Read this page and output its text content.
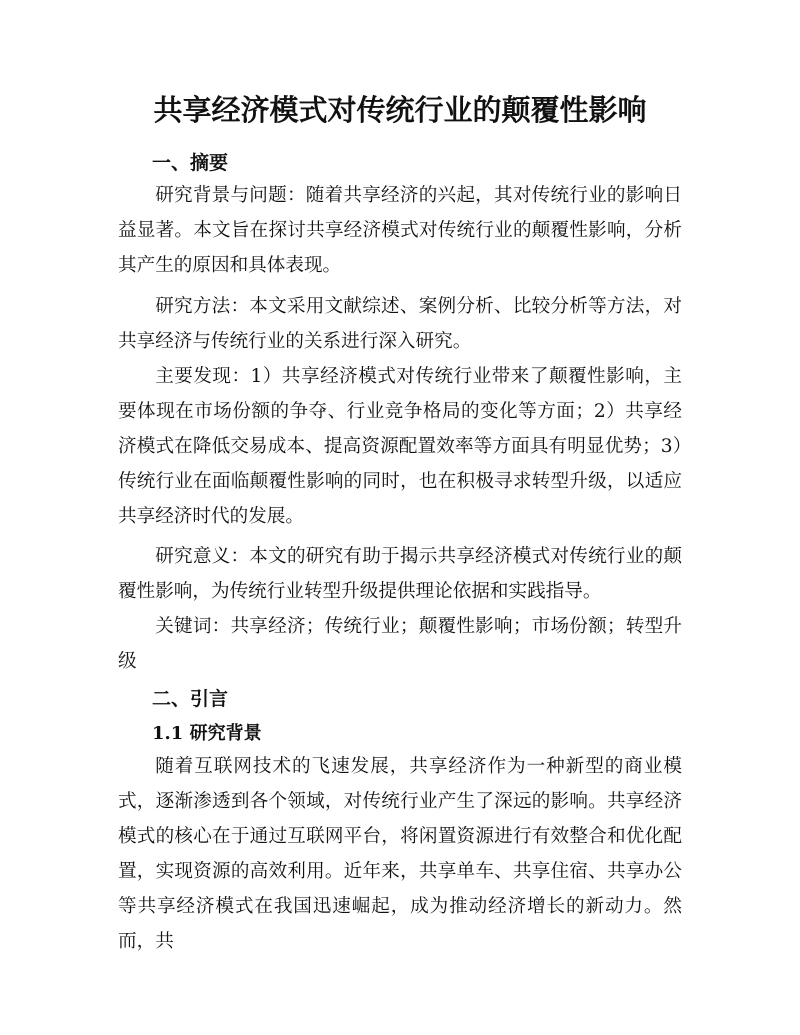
共享经济模式对传统行业的颠覆性影响
一、摘要

研究背景与问题：随着共享经济的兴起，其对传统行业的影响日益显著。本文旨在探讨共享经济模式对传统行业的颠覆性影响，分析其产生的原因和具体表现。

研究方法：本文采用文献综述、案例分析、比较分析等方法，对共享经济与传统行业的关系进行深入研究。

主要发现：1）共享经济模式对传统行业带来了颠覆性影响，主要体现在市场份额的争夺、行业竞争格局的变化等方面；2）共享经济模式在降低交易成本、提高资源配置效率等方面具有明显优势；3）传统行业在面临颠覆性影响的同时，也在积极寻求转型升级，以适应共享经济时代的发展。

研究意义：本文的研究有助于揭示共享经济模式对传统行业的颠覆性影响，为传统行业转型升级提供理论依据和实践指导。

关键词：共享经济；传统行业；颠覆性影响；市场份额；转型升级

二、引言
1.1 研究背景

随着互联网技术的飞速发展，共享经济作为一种新型的商业模式，逐渐渗透到各个领域，对传统行业产生了深远的影响。共享经济模式的核心在于通过互联网平台，将闲置资源进行有效整合和优化配置，实现资源的高效利用。近年来，共享单车、共享住宿、共享办公等共享经济模式在我国迅速崛起，成为推动经济增长的新动力。然而，共
